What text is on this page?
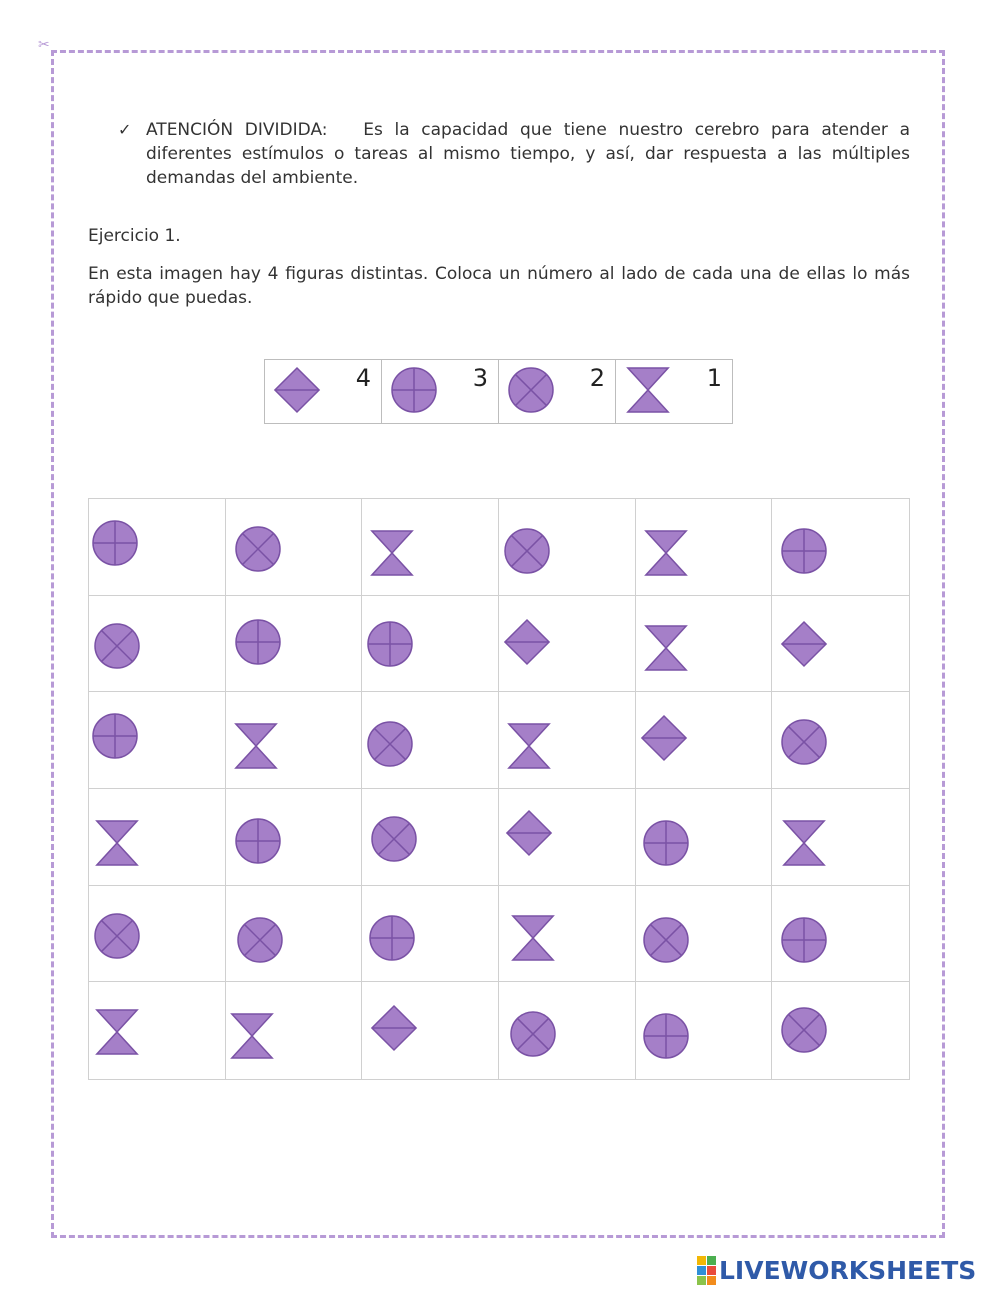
✂
✓ ATENCIÓN DIVIDIDA: Es la capacidad que tiene nuestro cerebro para atender a diferentes estímulos o tareas al mismo tiempo, y así, dar respuesta a las múltiples demandas del ambiente.
Ejercicio 1.
En esta imagen hay 4 figuras distintas. Coloca un número al lado de cada una de ellas lo más rápido que puedas.
4	3	2	1
LIVEWORKSHEETS
